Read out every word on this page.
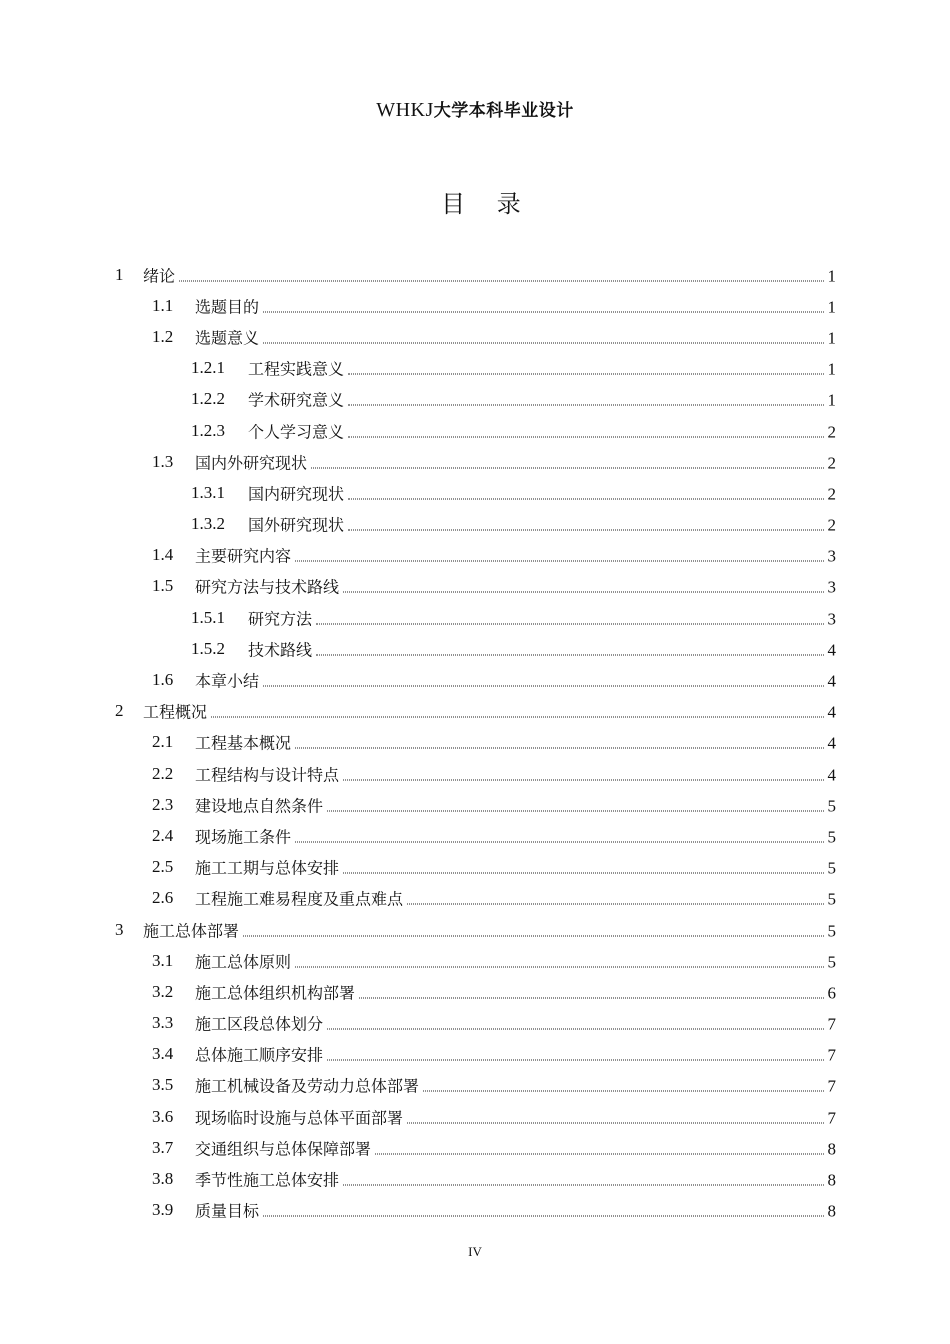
WHKJ大学本科毕业设计
目 录
1 绪论	1
1.1 选题目的	1
1.2 选题意义	1
1.2.1 工程实践意义	1
1.2.2 学术研究意义	1
1.2.3 个人学习意义	2
1.3 国内外研究现状	2
1.3.1 国内研究现状	2
1.3.2 国外研究现状	2
1.4 主要研究内容	3
1.5 研究方法与技术路线	3
1.5.1 研究方法	3
1.5.2 技术路线	4
1.6 本章小结	4
2 工程概况	4
2.1 工程基本概况	4
2.2 工程结构与设计特点	4
2.3 建设地点自然条件	5
2.4 现场施工条件	5
2.5 施工工期与总体安排	5
2.6 工程施工难易程度及重点难点	5
3 施工总体部署	5
3.1 施工总体原则	5
3.2 施工总体组织机构部署	6
3.3 施工区段总体划分	7
3.4 总体施工顺序安排	7
3.5 施工机械设备及劳动力总体部署	7
3.6 现场临时设施与总体平面部署	7
3.7 交通组织与总体保障部署	8
3.8 季节性施工总体安排	8
3.9 质量目标	8
IV
